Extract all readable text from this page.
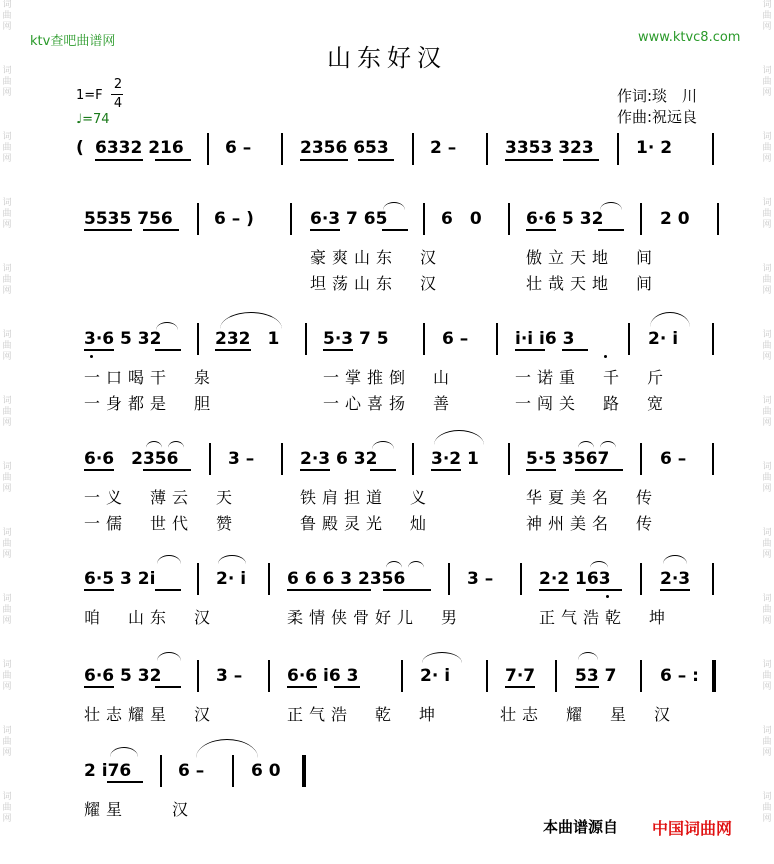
词曲网
词曲网
词曲网
词曲网
词曲网
词曲网
词曲网
词曲网
词曲网
词曲网
词曲网
词曲网
词曲网
词曲网
词曲网
词曲网
词曲网
词曲网
词曲网
词曲网
词曲网
词曲网
词曲网
词曲网
词曲网
词曲网
ktv查吧曲谱网	www.ktvc8.com
山东好汉
1=F
2
4
♩=74
作词:琰　川
作曲:祝远良
( 6332 216 6 –	2356 653 2 –	3353 323 1· 2
5535 756 6 – )	6·3 7 65	6　0	6·6 5 32	2 0
豪爽山东　汉	傲立天地　间
坦荡山东　汉	壮哉天地　间
3·6 5 32	232　1	5·3 7 5	6 –	i·i i6 3	2· i
一口喝干　泉	一掌推倒　山	一诺重　千　斤
一身都是　胆	一心喜扬　善	一闯关　路　宽
6·6　2356	3 –	2·3 6 32	3·2 1	5·5 3567	6 –
一义　薄云　天	铁肩担道　义	华夏美名　传
一儒　世代　赞	鲁殿灵光　灿	神州美名　传
6·5 3 2i	2· i 6 6 6 3 2356	3 –	2·2 163	2·3
咱　山东　汉	柔情侠骨好儿　男	正气浩乾　坤
6·6 5 32	3 –	6·6 i6 3	2· i	7·7 53 7	6 – :
壮志耀星　汉	正气浩　乾　坤	壮志　耀　星　汉
2 i76	6 –	6 0
耀星　　汉
本曲谱源自 中国词曲网
